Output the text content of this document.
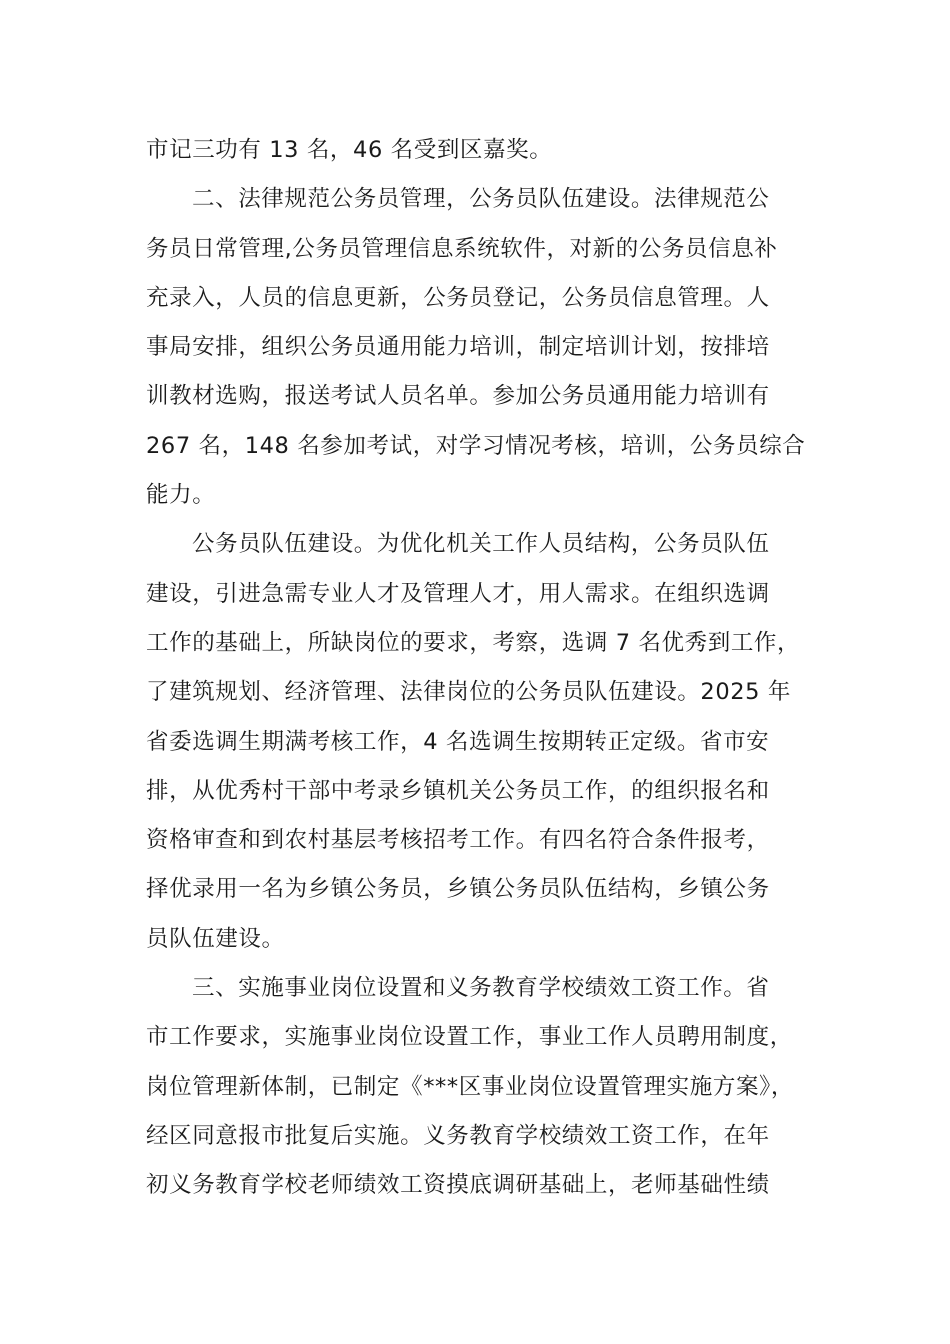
市记三功有 13 名，46 名受到区嘉奖。
二、法律规范公务员管理，公务员队伍建设。法律规范公
务员日常管理,公务员管理信息系统软件，对新的公务员信息补
充录入，人员的信息更新，公务员登记，公务员信息管理。人
事局安排，组织公务员通用能力培训，制定培训计划，按排培
训教材选购，报送考试人员名单。参加公务员通用能力培训有
267 名，148 名参加考试，对学习情况考核，培训，公务员综合
能力。
公务员队伍建设。为优化机关工作人员结构，公务员队伍
建设，引进急需专业人才及管理人才，用人需求。在组织选调
工作的基础上，所缺岗位的要求，考察，选调 7 名优秀到工作，
了建筑规划、经济管理、法律岗位的公务员队伍建设。2025 年
省委选调生期满考核工作，4 名选调生按期转正定级。省市安
排，从优秀村干部中考录乡镇机关公务员工作，的组织报名和
资格审查和到农村基层考核招考工作。有四名符合条件报考，
择优录用一名为乡镇公务员，乡镇公务员队伍结构，乡镇公务
员队伍建设。
三、实施事业岗位设置和义务教育学校绩效工资工作。省
市工作要求，实施事业岗位设置工作，事业工作人员聘用制度，
岗位管理新体制，已制定《***区事业岗位设置管理实施方案》，
经区同意报市批复后实施。义务教育学校绩效工资工作，在年
初义务教育学校老师绩效工资摸底调研基础上，老师基础性绩
